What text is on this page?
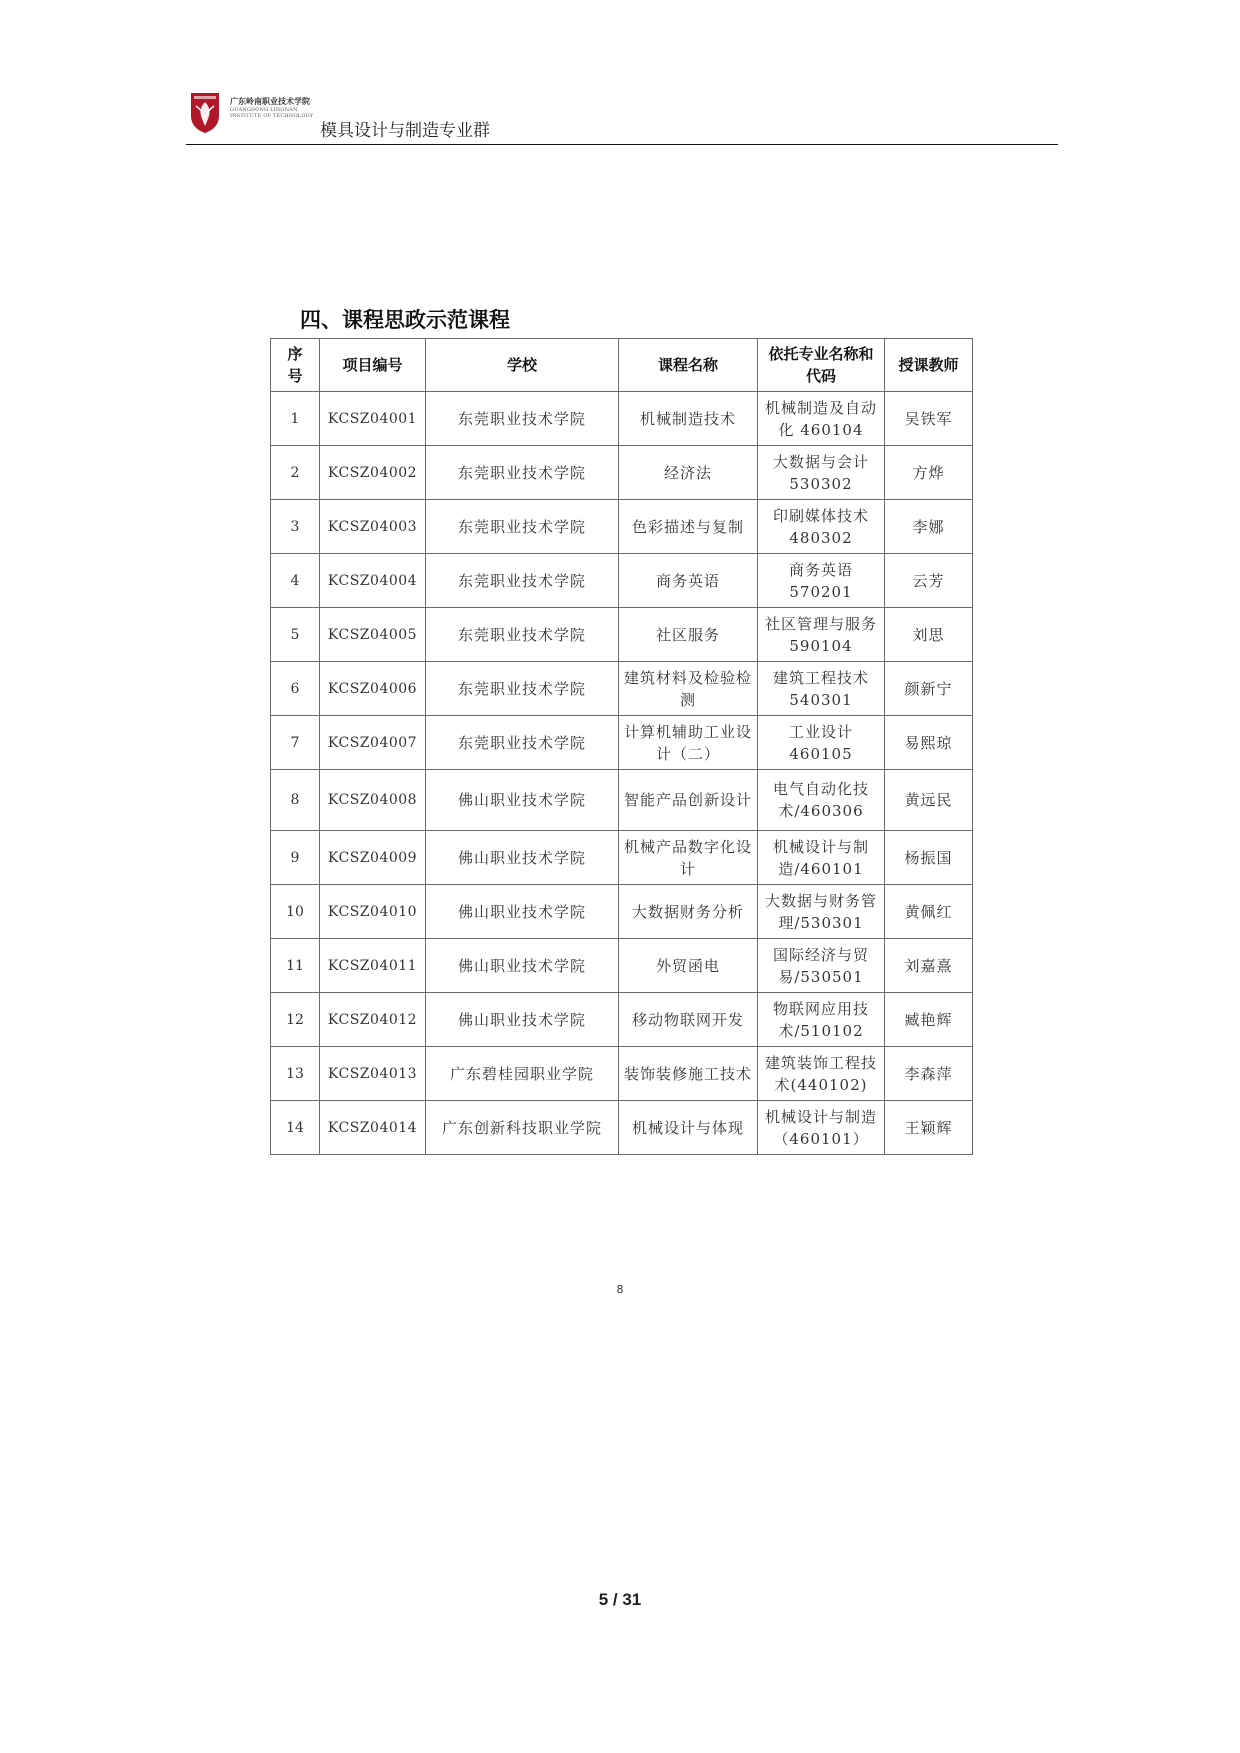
广东岭南职业技术学院
GUANGDONG LINGNAN
INSTITUTE OF TECHNOLOGY
模具设计与制造专业群
四、课程思政示范课程
序号	项目编号	学校	课程名称	依托专业名称和代码	授课教师
1	KCSZ04001	东莞职业技术学院	机械制造技术	机械制造及自动化 460104	吴铁军
2	KCSZ04002	东莞职业技术学院	经济法	大数据与会计 530302	方烨
3	KCSZ04003	东莞职业技术学院	色彩描述与复制	印刷媒体技术 480302	李娜
4	KCSZ04004	东莞职业技术学院	商务英语	商务英语 570201	云芳
5	KCSZ04005	东莞职业技术学院	社区服务	社区管理与服务 590104	刘思
6	KCSZ04006	东莞职业技术学院	建筑材料及检验检测	建筑工程技术 540301	颜新宁
7	KCSZ04007	东莞职业技术学院	计算机辅助工业设计（二）	工业设计 460105	易熙琼
8	KCSZ04008	佛山职业技术学院	智能产品创新设计	电气自动化技术/460306	黄远民
9	KCSZ04009	佛山职业技术学院	机械产品数字化设计	机械设计与制造/460101	杨振国
10	KCSZ04010	佛山职业技术学院	大数据财务分析	大数据与财务管理/530301	黄佩红
11	KCSZ04011	佛山职业技术学院	外贸函电	国际经济与贸易/530501	刘嘉熹
12	KCSZ04012	佛山职业技术学院	移动物联网开发	物联网应用技术/510102	臧艳辉
13	KCSZ04013	广东碧桂园职业学院	装饰装修施工技术	建筑装饰工程技术(440102)	李森萍
14	KCSZ04014	广东创新科技职业学院	机械设计与体现	机械设计与制造（460101）	王颖辉
8
5 / 31
